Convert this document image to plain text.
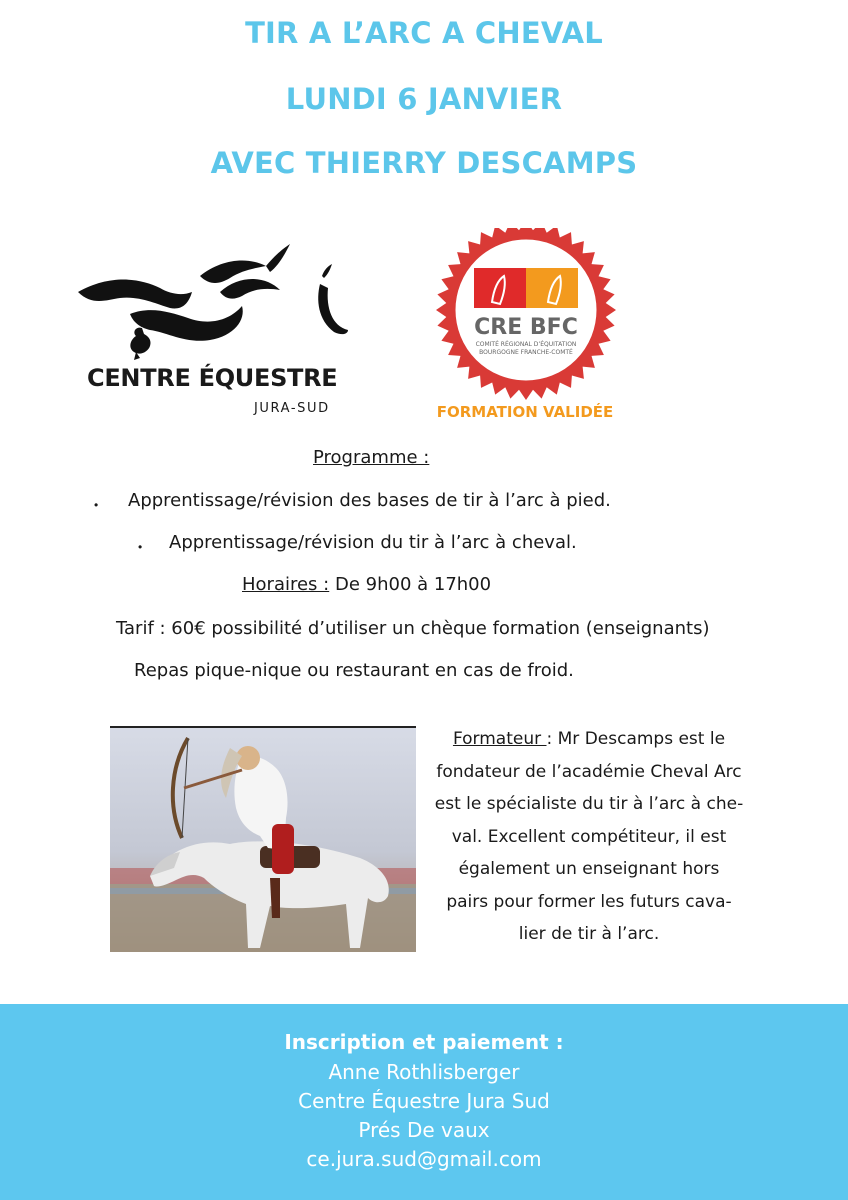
TIR A L’ARC A CHEVAL
LUNDI 6 JANVIER
AVEC THIERRY DESCAMPS
CENTRE ÉQUESTRE
JURA-SUD
CRE BFC
COMITÉ RÉGIONAL D’ÉQUITATION
BOURGOGNE FRANCHE-COMTÉ
FORMATION VALIDÉE
Programme :
• Apprentissage/révision des bases de tir à l’arc à pied.
• Apprentissage/révision du tir à l’arc à cheval.
Horaires : De 9h00 à 17h00
Tarif : 60€ possibilité d’utiliser un chèque formation (enseignants)
Repas pique-nique ou restaurant en cas de froid.
Formateur : Mr Descamps est le
fondateur de l’académie Cheval Arc
est le spécialiste du tir à l’arc à che-
val. Excellent compétiteur, il est
également un enseignant hors
pairs pour former les futurs cava-
lier de tir à l’arc.
Inscription et paiement :
Anne Rothlisberger
Centre Équestre Jura Sud
Prés De vaux
ce.jura.sud@gmail.com
